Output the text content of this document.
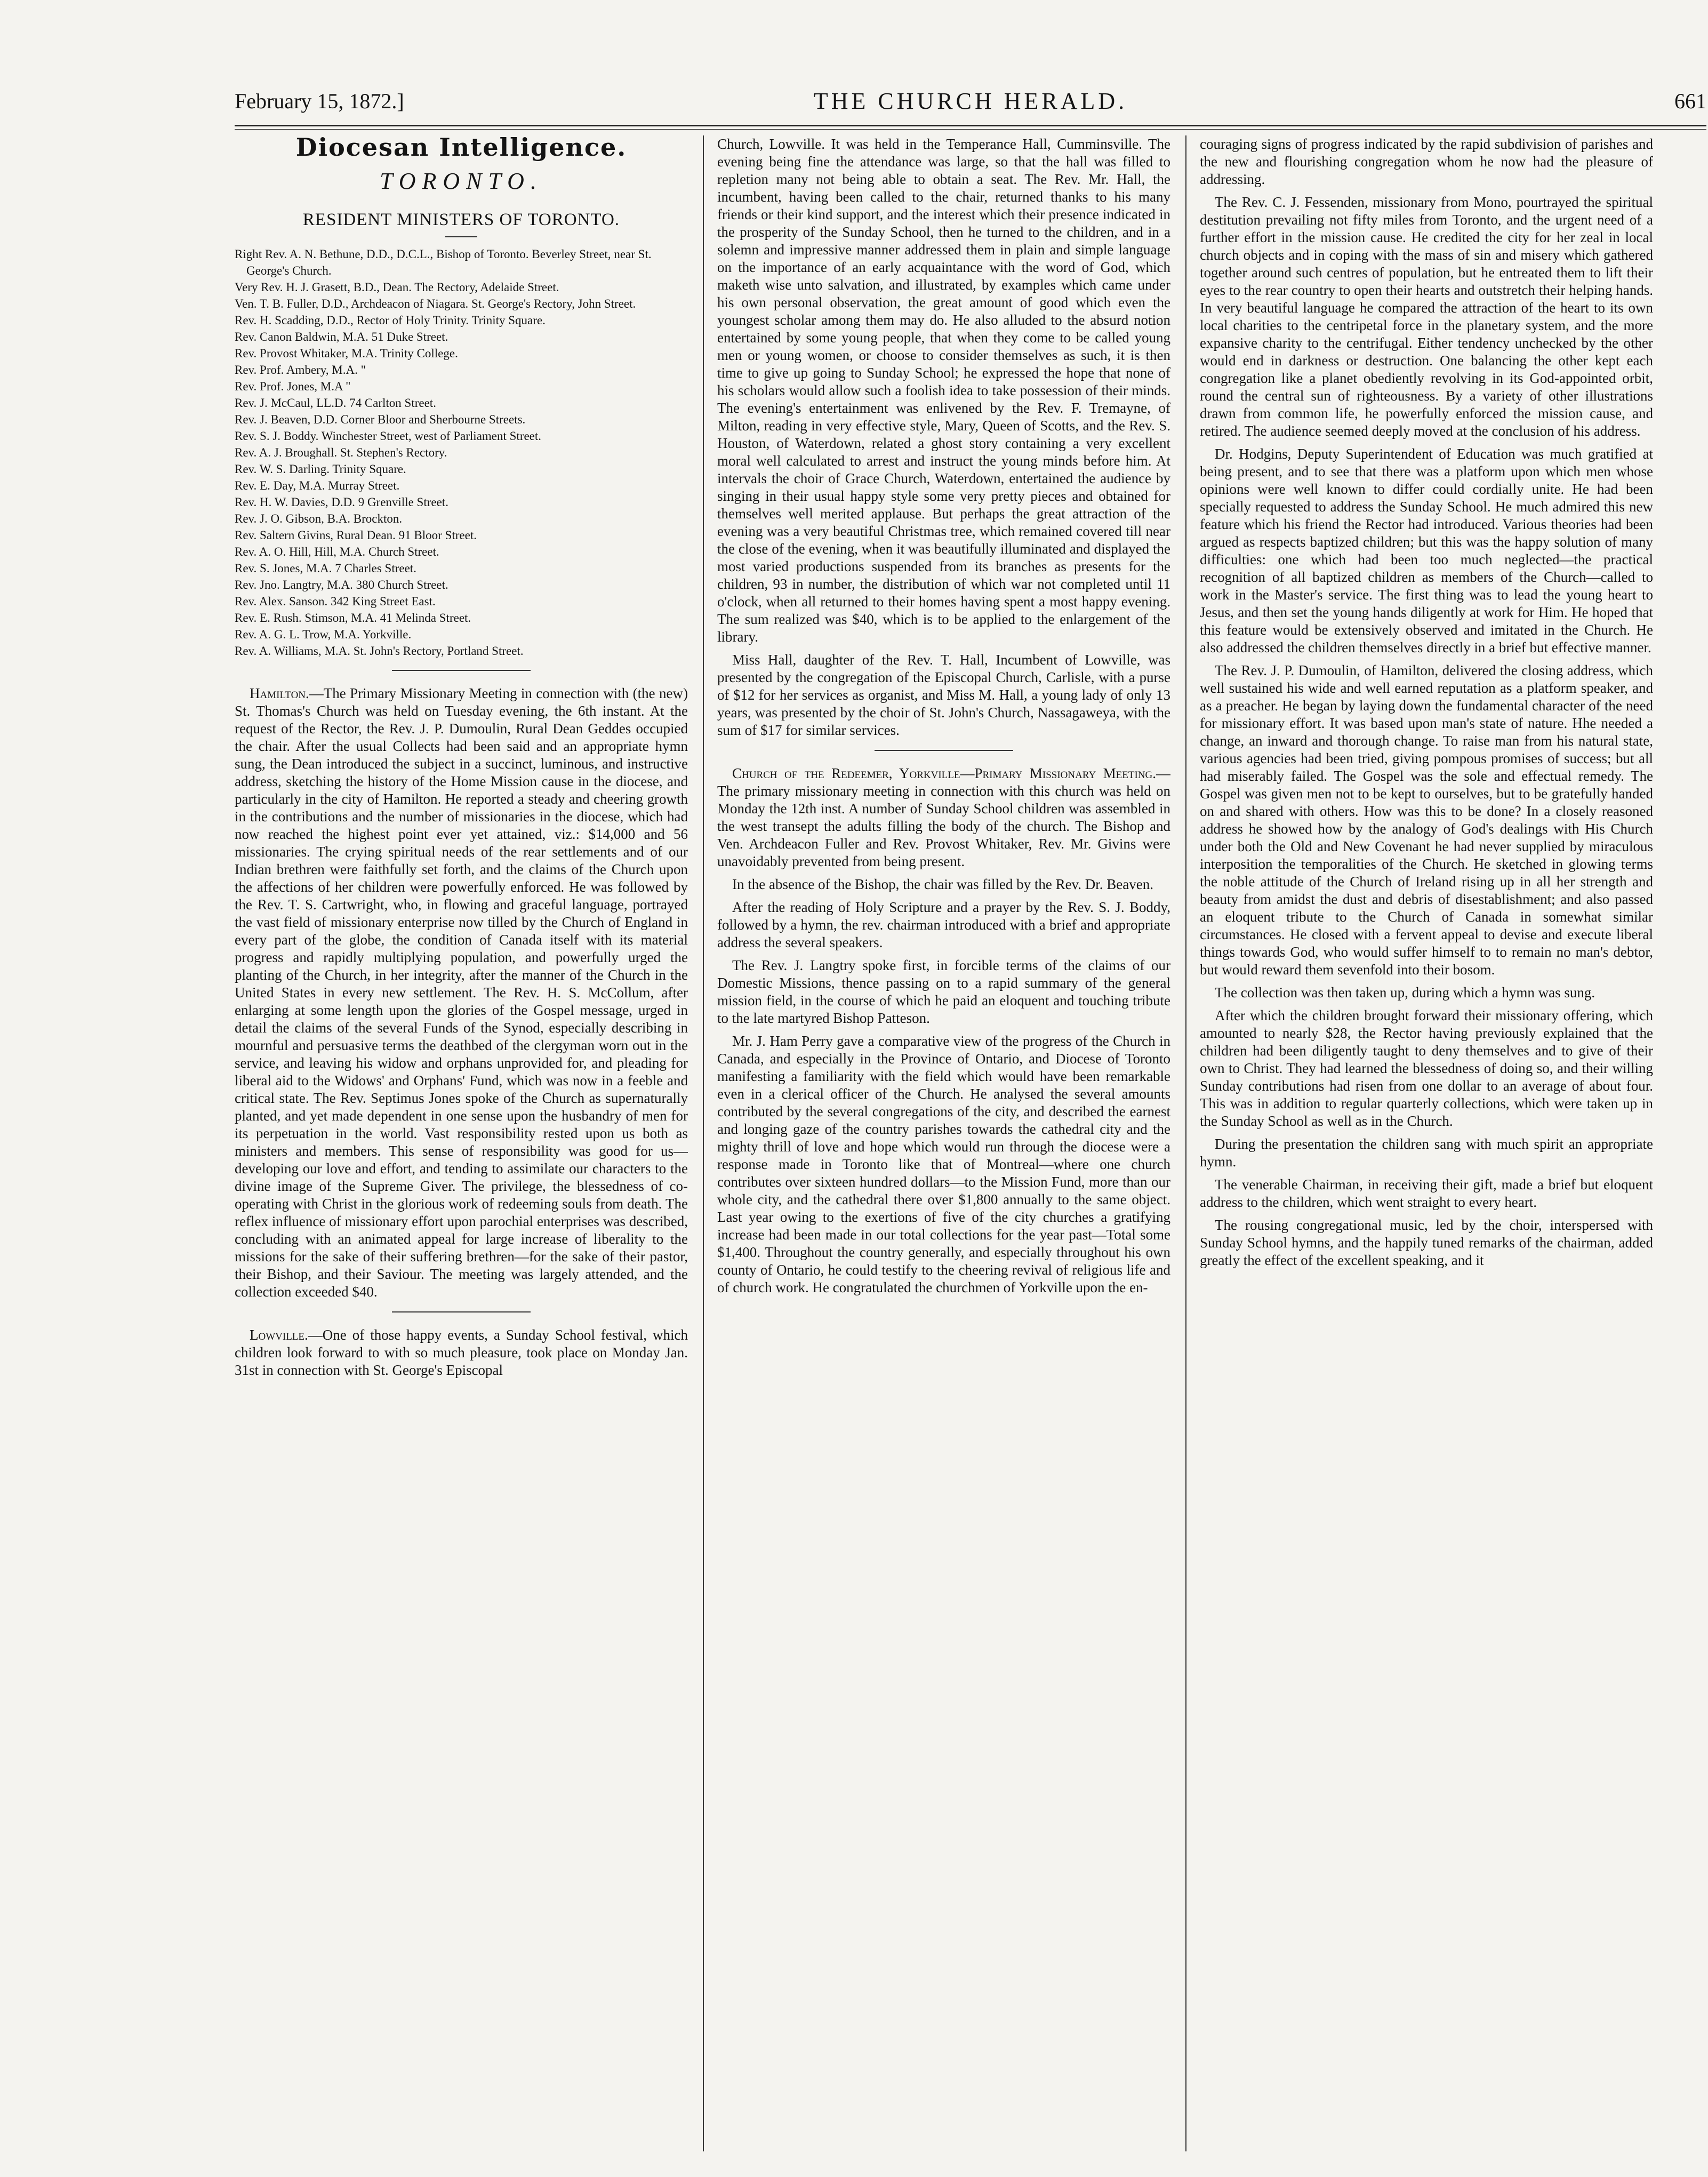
February 15, 1872.]	THE CHURCH HERALD.	661
Diocesan Intelligence.
TORONTO.
RESIDENT MINISTERS OF TORONTO.

Right Rev. A. N. Bethune, D.D., D.C.L., Bishop of Toronto. Beverley Street, near St. George's Church.

Very Rev. H. J. Grasett, B.D., Dean. The Rectory, Adelaide Street.

Ven. T. B. Fuller, D.D., Archdeacon of Niagara. St. George's Rectory, John Street.

Rev. H. Scadding, D.D., Rector of Holy Trinity. Trinity Square.

Rev. Canon Baldwin, M.A. 51 Duke Street.

Rev. Provost Whitaker, M.A. Trinity College.

Rev. Prof. Ambery, M.A. "

Rev. Prof. Jones, M.A "

Rev. J. McCaul, LL.D. 74 Carlton Street.

Rev. J. Beaven, D.D. Corner Bloor and Sherbourne Streets.

Rev. S. J. Boddy. Winchester Street, west of Parliament Street.

Rev. A. J. Broughall. St. Stephen's Rectory.

Rev. W. S. Darling. Trinity Square.

Rev. E. Day, M.A. Murray Street.

Rev. H. W. Davies, D.D. 9 Grenville Street.

Rev. J. O. Gibson, B.A. Brockton.

Rev. Saltern Givins, Rural Dean. 91 Bloor Street.

Rev. A. O. Hill, Hill, M.A. Church Street.

Rev. S. Jones, M.A. 7 Charles Street.

Rev. Jno. Langtry, M.A. 380 Church Street.

Rev. Alex. Sanson. 342 King Street East.

Rev. E. Rush. Stimson, M.A. 41 Melinda Street.

Rev. A. G. L. Trow, M.A. Yorkville.

Rev. A. Williams, M.A. St. John's Rectory, Portland Street.

Hamilton.—The Primary Missionary Meeting in connection with (the new) St. Thomas's Church was held on Tuesday evening, the 6th instant. At the request of the Rector, the Rev. J. P. Dumoulin, Rural Dean Geddes occupied the chair. After the usual Collects had been said and an appropriate hymn sung, the Dean introduced the subject in a succinct, luminous, and instructive address, sketching the history of the Home Mission cause in the diocese, and particularly in the city of Hamilton. He reported a steady and cheering growth in the contributions and the number of missionaries in the diocese, which had now reached the highest point ever yet attained, viz.: $14,000 and 56 missionaries. The crying spiritual needs of the rear settlements and of our Indian brethren were faithfully set forth, and the claims of the Church upon the affections of her children were powerfully enforced. He was followed by the Rev. T. S. Cartwright, who, in flowing and graceful language, portrayed the vast field of missionary enterprise now tilled by the Church of England in every part of the globe, the condition of Canada itself with its material progress and rapidly multiplying population, and powerfully urged the planting of the Church, in her integrity, after the manner of the Church in the United States in every new settlement. The Rev. H. S. McCollum, after enlarging at some length upon the glories of the Gospel message, urged in detail the claims of the several Funds of the Synod, especially describing in mournful and persuasive terms the deathbed of the clergyman worn out in the service, and leaving his widow and orphans unprovided for, and pleading for liberal aid to the Widows' and Orphans' Fund, which was now in a feeble and critical state. The Rev. Septimus Jones spoke of the Church as supernaturally planted, and yet made dependent in one sense upon the husbandry of men for its perpetuation in the world. Vast responsibility rested upon us both as ministers and members. This sense of responsibility was good for us—developing our love and effort, and tending to assimilate our characters to the divine image of the Supreme Giver. The privilege, the blessedness of co-operating with Christ in the glorious work of redeeming souls from death. The reflex influence of missionary effort upon parochial enterprises was described, concluding with an animated appeal for large increase of liberality to the missions for the sake of their suffering brethren—for the sake of their pastor, their Bishop, and their Saviour. The meeting was largely attended, and the collection exceeded $40.

Lowville.—One of those happy events, a Sunday School festival, which children look forward to with so much pleasure, took place on Monday Jan. 31st in connection with St. George's Episcopal

Church, Lowville. It was held in the Temperance Hall, Cumminsville. The evening being fine the attendance was large, so that the hall was filled to repletion many not being able to obtain a seat. The Rev. Mr. Hall, the incumbent, having been called to the chair, returned thanks to his many friends or their kind support, and the interest which their presence indicated in the prosperity of the Sunday School, then he turned to the children, and in a solemn and impressive manner addressed them in plain and simple language on the importance of an early acquaintance with the word of God, which maketh wise unto salvation, and illustrated, by examples which came under his own personal observation, the great amount of good which even the youngest scholar among them may do. He also alluded to the absurd notion entertained by some young people, that when they come to be called young men or young women, or choose to consider themselves as such, it is then time to give up going to Sunday School; he expressed the hope that none of his scholars would allow such a foolish idea to take possession of their minds. The evening's entertainment was enlivened by the Rev. F. Tremayne, of Milton, reading in very effective style, Mary, Queen of Scotts, and the Rev. S. Houston, of Waterdown, related a ghost story containing a very excellent moral well calculated to arrest and instruct the young minds before him. At intervals the choir of Grace Church, Waterdown, entertained the audience by singing in their usual happy style some very pretty pieces and obtained for themselves well merited applause. But perhaps the great attraction of the evening was a very beautiful Christmas tree, which remained covered till near the close of the evening, when it was beautifully illuminated and displayed the most varied productions suspended from its branches as presents for the children, 93 in number, the distribution of which war not completed until 11 o'clock, when all returned to their homes having spent a most happy evening. The sum realized was $40, which is to be applied to the enlargement of the library.

Miss Hall, daughter of the Rev. T. Hall, Incumbent of Lowville, was presented by the congregation of the Episcopal Church, Carlisle, with a purse of $12 for her services as organist, and Miss M. Hall, a young lady of only 13 years, was presented by the choir of St. John's Church, Nassagaweya, with the sum of $17 for similar services.

Church of the Redeemer, Yorkville—Primary Missionary Meeting.—The primary missionary meeting in connection with this church was held on Monday the 12th inst. A number of Sunday School children was assembled in the west transept the adults filling the body of the church. The Bishop and Ven. Archdeacon Fuller and Rev. Provost Whitaker, Rev. Mr. Givins were unavoidably prevented from being present.

In the absence of the Bishop, the chair was filled by the Rev. Dr. Beaven.

After the reading of Holy Scripture and a prayer by the Rev. S. J. Boddy, followed by a hymn, the rev. chairman introduced with a brief and appropriate address the several speakers.

The Rev. J. Langtry spoke first, in forcible terms of the claims of our Domestic Missions, thence passing on to a rapid summary of the general mission field, in the course of which he paid an eloquent and touching tribute to the late martyred Bishop Patteson.

Mr. J. Ham Perry gave a comparative view of the progress of the Church in Canada, and especially in the Province of Ontario, and Diocese of Toronto manifesting a familiarity with the field which would have been remarkable even in a clerical officer of the Church. He analysed the several amounts contributed by the several congregations of the city, and described the earnest and longing gaze of the country parishes towards the cathedral city and the mighty thrill of love and hope which would run through the diocese were a response made in Toronto like that of Montreal—where one church contributes over sixteen hundred dollars—to the Mission Fund, more than our whole city, and the cathedral there over $1,800 annually to the same object. Last year owing to the exertions of five of the city churches a gratifying increase had been made in our total collections for the year past—Total some $1,400. Throughout the country generally, and especially throughout his own county of Ontario, he could testify to the cheering revival of religious life and of church work. He congratulated the churchmen of Yorkville upon the en-

couraging signs of progress indicated by the rapid subdivision of parishes and the new and flourishing congregation whom he now had the pleasure of addressing.

The Rev. C. J. Fessenden, missionary from Mono, pourtrayed the spiritual destitution prevailing not fifty miles from Toronto, and the urgent need of a further effort in the mission cause. He credited the city for her zeal in local church objects and in coping with the mass of sin and misery which gathered together around such centres of population, but he entreated them to lift their eyes to the rear country to open their hearts and outstretch their helping hands. In very beautiful language he compared the attraction of the heart to its own local charities to the centripetal force in the planetary system, and the more expansive charity to the centrifugal. Either tendency unchecked by the other would end in darkness or destruction. One balancing the other kept each congregation like a planet obediently revolving in its God-appointed orbit, round the central sun of righteousness. By a variety of other illustrations drawn from common life, he powerfully enforced the mission cause, and retired. The audience seemed deeply moved at the conclusion of his address.

Dr. Hodgins, Deputy Superintendent of Education was much gratified at being present, and to see that there was a platform upon which men whose opinions were well known to differ could cordially unite. He had been specially requested to address the Sunday School. He much admired this new feature which his friend the Rector had introduced. Various theories had been argued as respects baptized children; but this was the happy solution of many difficulties: one which had been too much neglected—the practical recognition of all baptized children as members of the Church—called to work in the Master's service. The first thing was to lead the young heart to Jesus, and then set the young hands diligently at work for Him. He hoped that this feature would be extensively observed and imitated in the Church. He also addressed the children themselves directly in a brief but effective manner.

The Rev. J. P. Dumoulin, of Hamilton, delivered the closing address, which well sustained his wide and well earned reputation as a platform speaker, and as a preacher. He began by laying down the fundamental character of the need for missionary effort. It was based upon man's state of nature. Hhe needed a change, an inward and thorough change. To raise man from his natural state, various agencies had been tried, giving pompous promises of success; but all had miserably failed. The Gospel was the sole and effectual remedy. The Gospel was given men not to be kept to ourselves, but to be gratefully handed on and shared with others. How was this to be done? In a closely reasoned address he showed how by the analogy of God's dealings with His Church under both the Old and New Covenant he had never supplied by miraculous interposition the temporalities of the Church. He sketched in glowing terms the noble attitude of the Church of Ireland rising up in all her strength and beauty from amidst the dust and debris of disestablishment; and also passed an eloquent tribute to the Church of Canada in somewhat similar circumstances. He closed with a fervent appeal to devise and execute liberal things towards God, who would suffer himself to to remain no man's debtor, but would reward them sevenfold into their bosom.

The collection was then taken up, during which a hymn was sung.

After which the children brought forward their missionary offering, which amounted to nearly $28, the Rector having previously explained that the children had been diligently taught to deny themselves and to give of their own to Christ. They had learned the blessedness of doing so, and their willing Sunday contributions had risen from one dollar to an average of about four. This was in addition to regular quarterly collections, which were taken up in the Sunday School as well as in the Church.

During the presentation the children sang with much spirit an appropriate hymn.

The venerable Chairman, in receiving their gift, made a brief but eloquent address to the children, which went straight to every heart.

The rousing congregational music, led by the choir, interspersed with Sunday School hymns, and the happily tuned remarks of the chairman, added greatly the effect of the excellent speaking, and it
